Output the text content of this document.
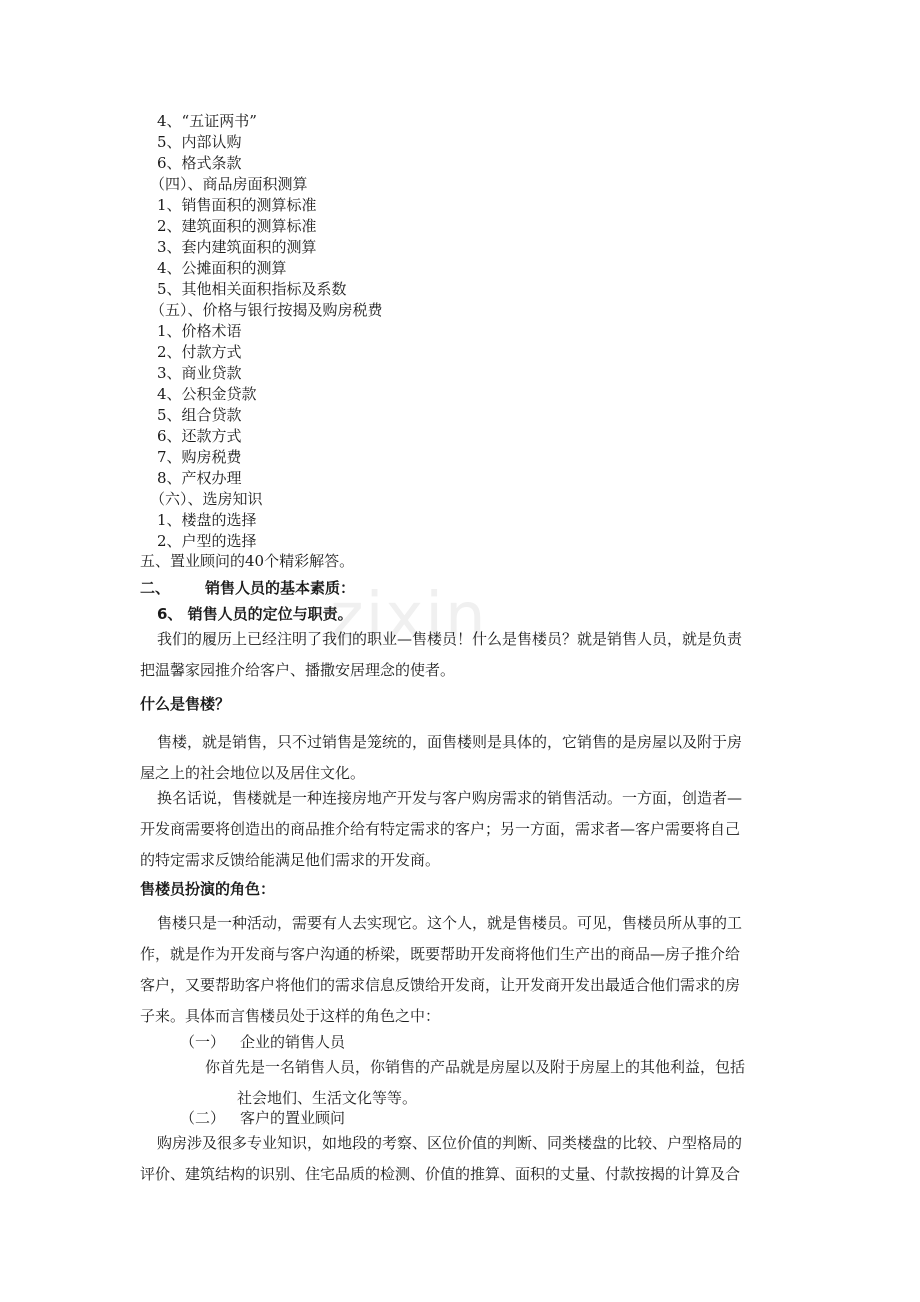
zixin
4、“五证两书”
5、内部认购
6、格式条款
（四）、商品房面积测算
1、销售面积的测算标准
2、建筑面积的测算标准
3、套内建筑面积的测算
4、公摊面积的测算
5、其他相关面积指标及系数
（五）、价格与银行按揭及购房税费
1、价格术语
2、付款方式
3、商业贷款
4、公积金贷款
5、组合贷款
6、还款方式
7、购房税费
8、产权办理
（六）、选房知识
1、楼盘的选择
2、户型的选择
五、置业顾问的40个精彩解答。
二、 销售人员的基本素质：
6、 销售人员的定位与职责。
我们的履历上已经注明了我们的职业—售楼员！什么是售楼员？就是销售人员，就是负责
把温馨家园推介给客户、播撒安居理念的使者。
什么是售楼？
售楼，就是销售，只不过销售是笼统的，面售楼则是具体的，它销售的是房屋以及附于房
屋之上的社会地位以及居住文化。
换名话说，售楼就是一种连接房地产开发与客户购房需求的销售活动。一方面，创造者—
开发商需要将创造出的商品推介给有特定需求的客户；另一方面，需求者—客户需要将自己
的特定需求反馈给能满足他们需求的开发商。
售楼员扮演的角色：
售楼只是一种活动，需要有人去实现它。这个人，就是售楼员。可见，售楼员所从事的工
作，就是作为开发商与客户沟通的桥梁，既要帮助开发商将他们生产出的商品—房子推介给
客户，又要帮助客户将他们的需求信息反馈给开发商，让开发商开发出最适合他们需求的房
子来。具体而言售楼员处于这样的角色之中：
（一） 企业的销售人员
你首先是一名销售人员，你销售的产品就是房屋以及附于房屋上的其他利益，包括
社会地们、生活文化等等。
（二） 客户的置业顾问
购房涉及很多专业知识，如地段的考察、区位价值的判断、同类楼盘的比较、户型格局的
评价、建筑结构的识别、住宅品质的检测、价值的推算、面积的丈量、付款按揭的计算及合
